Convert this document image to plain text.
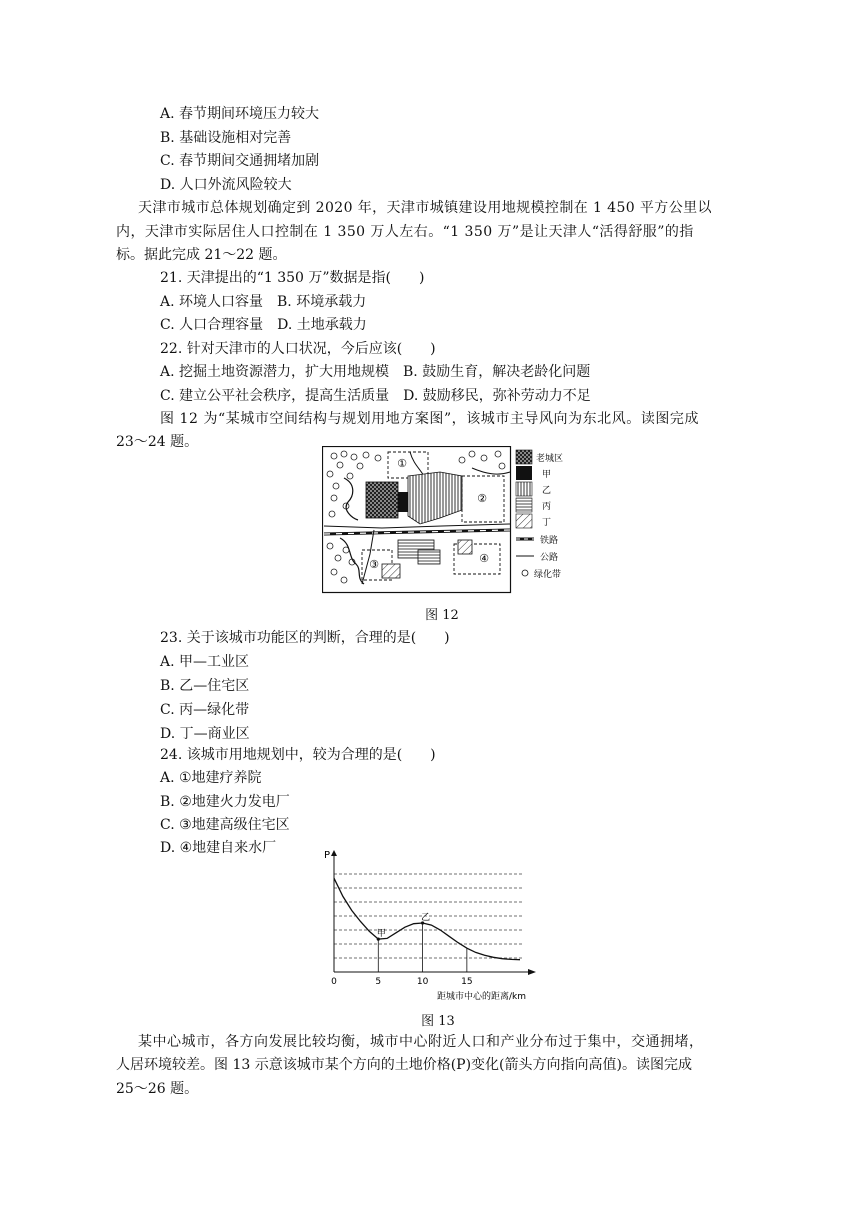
A. 春节期间环境压力较大
B. 基础设施相对完善
C. 春节期间交通拥堵加剧
D. 人口外流风险较大
天津市城市总体规划确定到 2020 年，天津市城镇建设用地规模控制在 1 450 平方公里以
内，天津市实际居住人口控制在 1 350 万人左右。“1 350 万”是让天津人“活得舒服”的指
标。据此完成 21～22 题。
21. 天津提出的“1 350 万”数据是指(　　)
A. 环境人口容量　B. 环境承载力
C. 人口合理容量　D. 土地承载力
22. 针对天津市的人口状况，今后应该(　　)
A. 挖掘土地资源潜力，扩大用地规模　B. 鼓励生育，解决老龄化问题
C. 建立公平社会秩序，提高生活质量　D. 鼓励移民，弥补劳动力不足
图 12 为“某城市空间结构与规划用地方案图”，该城市主导风向为东北风。读图完成
23～24 题。
①
②
③	④
老城区
甲
乙
丙
丁
铁路
公路
绿化带
图 12
23. 关于该城市功能区的判断，合理的是(　　)
A. 甲—工业区
B. 乙—住宅区
C. 丙—绿化带
D. 丁—商业区
24. 该城市用地规划中，较为合理的是(　　)
A. ①地建疗养院
B. ②地建火力发电厂
C. ③地建高级住宅区
D. ④地建自来水厂	P
0	5	10	15
距城市中心的距离/km
甲
乙
图 13
某中心城市，各方向发展比较均衡，城市中心附近人口和产业分布过于集中，交通拥堵，
人居环境较差。图 13 示意该城市某个方向的土地价格(P)变化(箭头方向指向高值)。读图完成
25～26 题。
